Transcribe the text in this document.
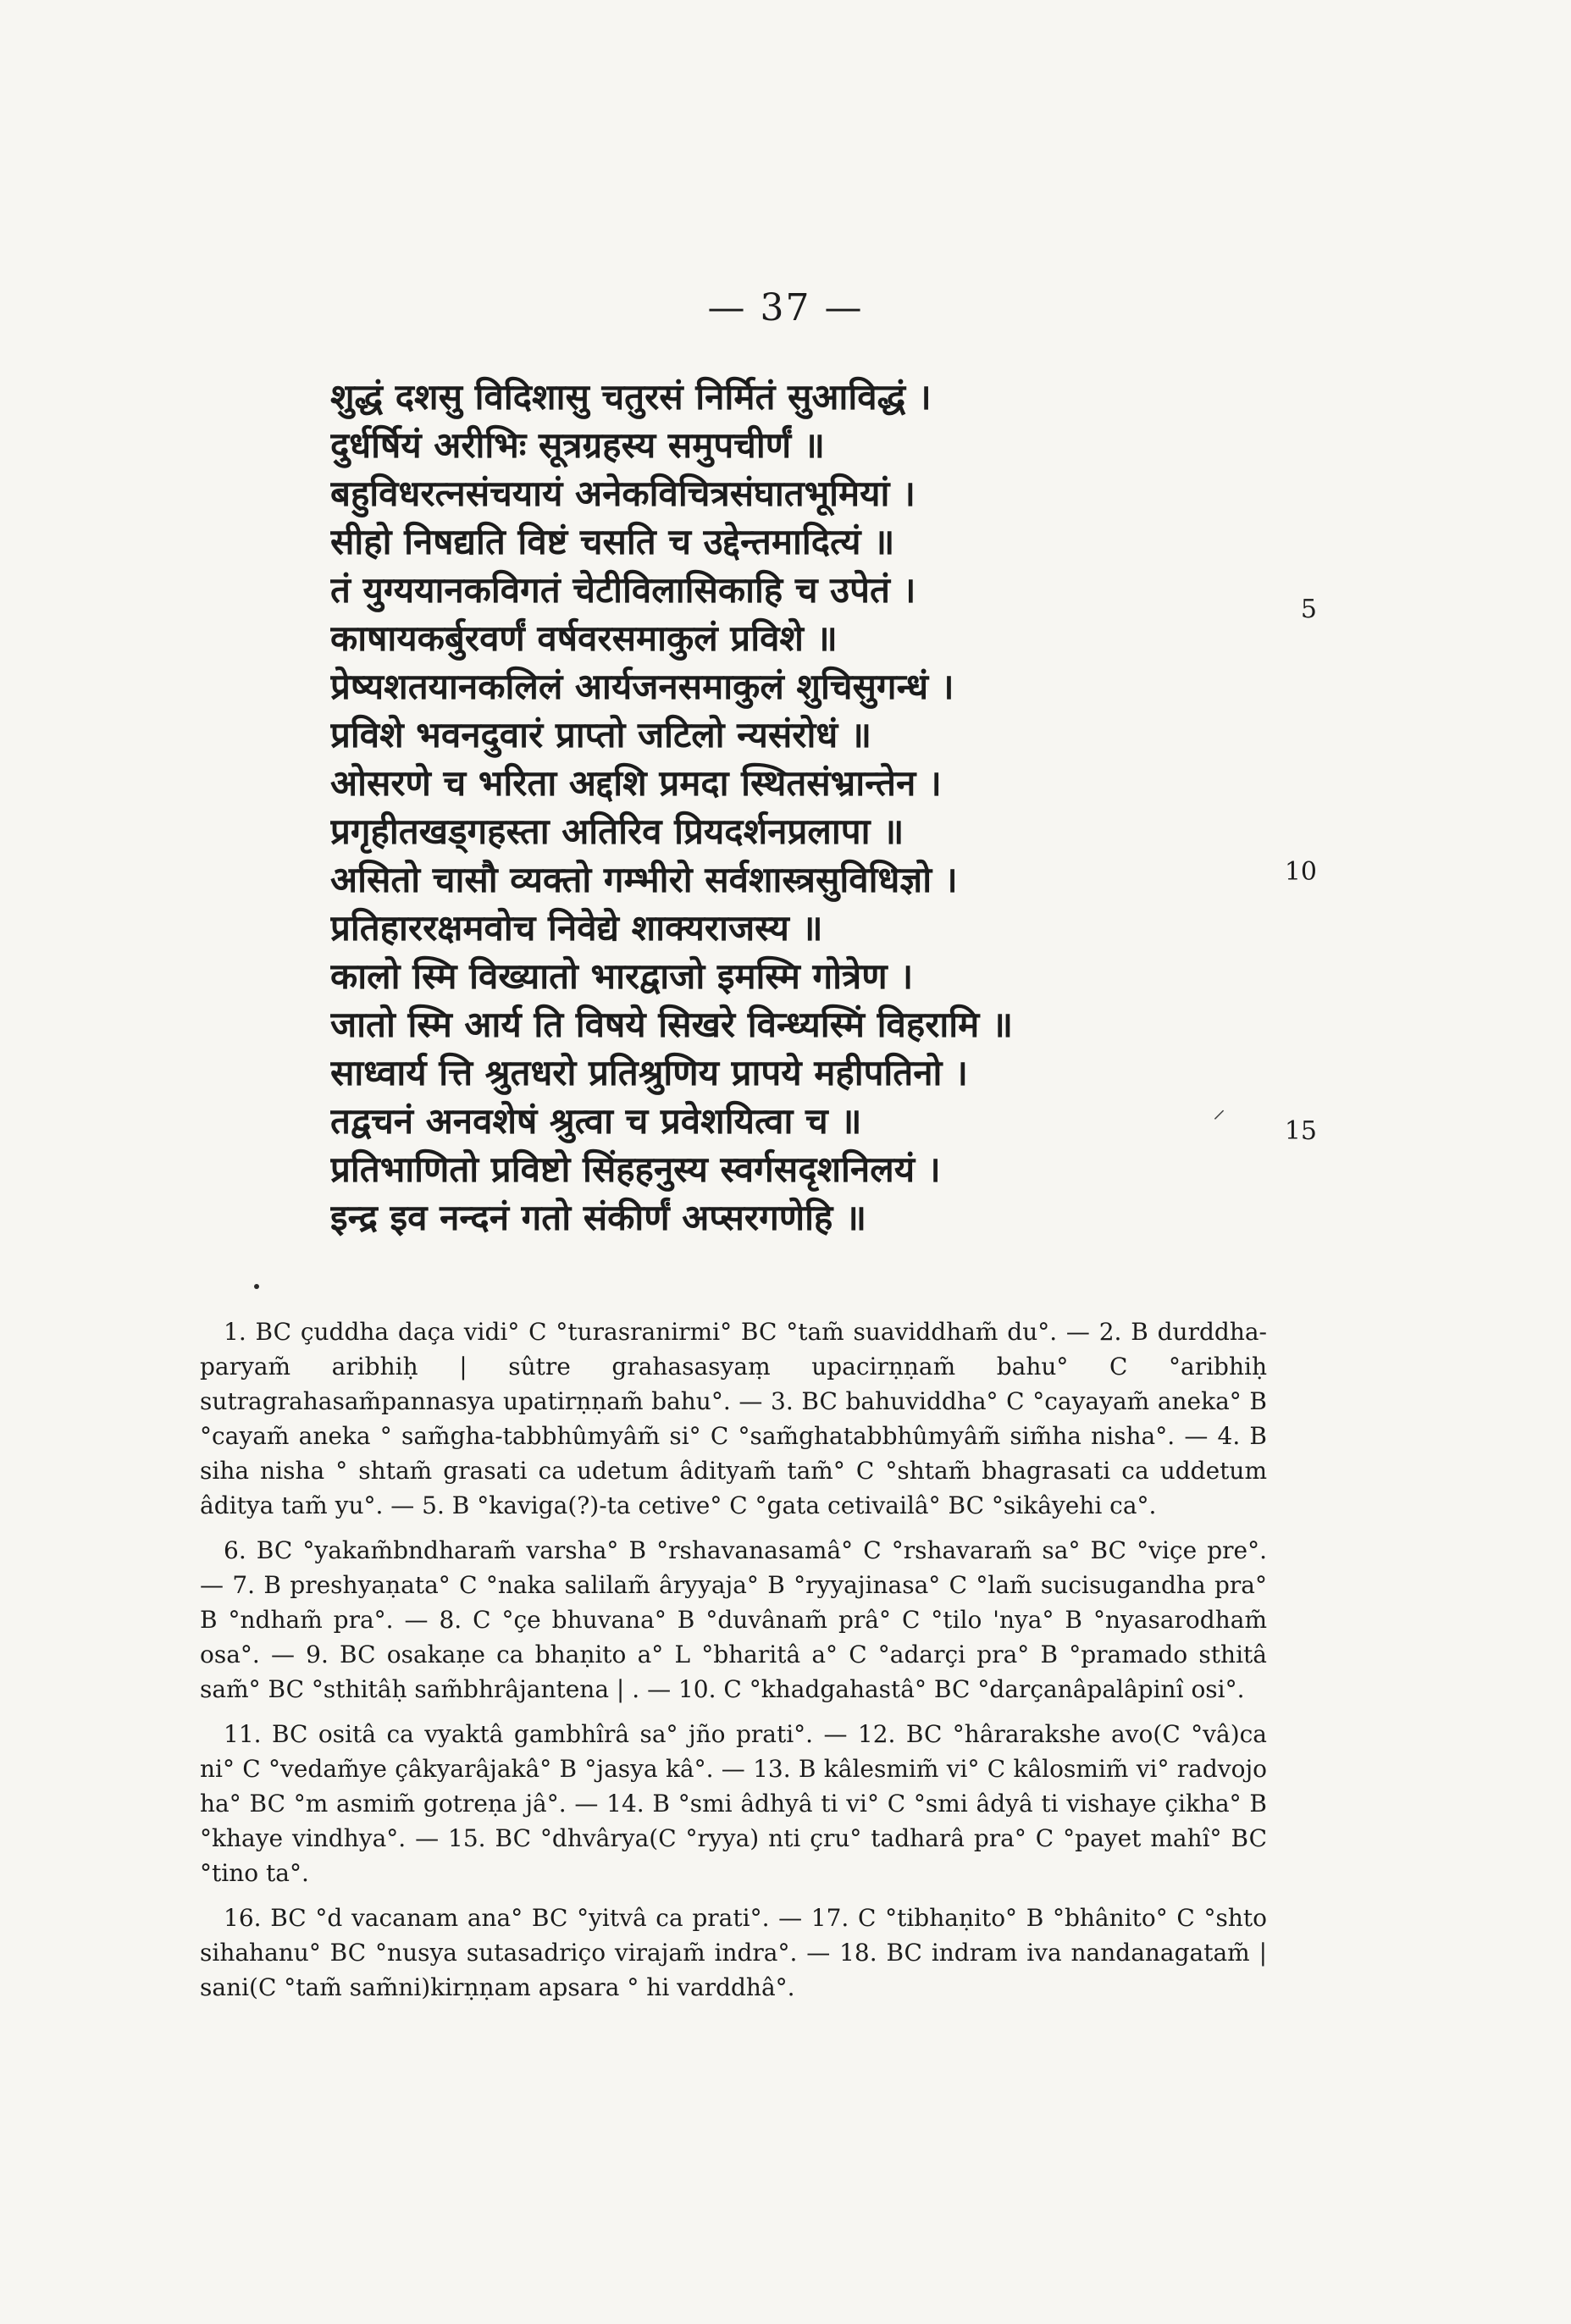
— 37 —
शुद्धं दशसु विदिशासु चतुरसं निर्मितं सुआविद्धं ।
दुर्धर्षियं अरीभिः सूत्रग्रहस्य समुपचीर्णं ॥
बहुविधरत्नसंचयायं अनेकविचित्रसंघातभूमियां ।
सीहो निषद्यति विष्टं चसति च उद्देन्तमादित्यं ॥
तं युग्ययानकविगतं चेटीविलासिकाहि च उपेतं ।
काषायकर्बुरवर्णं वर्षवरसमाकुलं प्रविशे ॥
प्रेष्यशतयानकलिलं आर्यजनसमाकुलं शुचिसुगन्धं ।
प्रविशे भवनदुवारं प्राप्तो जटिलो न्यसंरोधं ॥
ओसरणे च भरिता अद्दशि प्रमदा स्थितसंभ्रान्तेन ।
प्रगृहीतखड्गहस्ता अतिरिव प्रियदर्शनप्रलापा ॥
असितो चासौ व्यक्तो गम्भीरो सर्वशास्त्रसुविधिज्ञो ।
प्रतिहाररक्षमवोच निवेद्ये शाक्यराजस्य ॥
कालो स्मि विख्यातो भारद्वाजो इमस्मि गोत्रेण ।
जातो स्मि आर्य ति विषये सिखरे विन्ध्यस्मिं विहरामि ॥
साध्वार्य त्ति श्रुतधरो प्रतिश्रुणिय प्रापये महीपतिनो ।
तद्वचनं अनवशेषं श्रुत्वा च प्रवेशयित्वा च ॥
प्रतिभाणितो प्रविष्टो सिंहहनुस्य स्वर्गसदृशनिलयं ।
इन्द्र इव नन्दनं गतो संकीर्णं अप्सरगणेहि ॥
5
10
15
⸍

1. BC çuddha daça vidi° C °turasranirmi° BC °tam̃ suaviddham̃ du°. — 2. B durddha-paryam̃ aribhiḥ | sûtre grahasasyaṃ upacirṇṇam̃ bahu° C °aribhiḥ sutragrahasam̃pannasya upatirṇṇam̃ bahu°. — 3. BC bahuviddha° C °cayayam̃ aneka° B °cayam̃ aneka ° sam̃gha-tabbhûmyâm̃ si° C °sam̃ghatabbhûmyâm̃ sim̃ha nisha°. — 4. B siha nisha ° shtam̃ grasati ca udetum âdityam̃ tam̃° C °shtam̃ bhagrasati ca uddetum âditya tam̃ yu°. — 5. B °kaviga(?)-ta cetive° C °gata cetivailâ° BC °sikâyehi ca°.

6. BC °yakam̃bndharam̃ varsha° B °rshavanasamâ° C °rshavaram̃ sa° BC °viçe pre°. — 7. B preshyaṇata° C °naka salilam̃ âryyaja° B °ryyajinasa° C °lam̃ sucisugandha pra° B °ndham̃ pra°. — 8. C °çe bhuvana° B °duvânam̃ prâ° C °tilo 'nya° B °nyasarodham̃ osa°. — 9. BC osakaṇe ca bhaṇito a° L °bharitâ a° C °adarçi pra° B °pramado sthitâ sam̃° BC °sthitâḥ sam̃bhrâjantena | . — 10. C °khadgahastâ° BC °darçanâpalâpinî osi°.

11. BC ositâ ca vyaktâ gambhîrâ sa° jño prati°. — 12. BC °hârarakshe avo(C °vâ)ca ni° C °vedam̃ye çâkyarâjakâ° B °jasya kâ°. — 13. B kâlesmim̃ vi° C kâlosmim̃ vi° radvojo ha° BC °m asmim̃ gotreṇa jâ°. — 14. B °smi âdhyâ ti vi° C °smi âdyâ ti vishaye çikha° B °khaye vindhya°. — 15. BC °dhvârya(C °ryya) nti çru° tadharâ pra° C °payet mahî° BC °tino ta°.

16. BC °d vacanam ana° BC °yitvâ ca prati°. — 17. C °tibhaṇito° B °bhânito° C °shto sihahanu° BC °nusya sutasadriço virajam̃ indra°. — 18. BC indram iva nandanagatam̃ | sani(C °tam̃ sam̃ni)kirṇṇam apsara ° hi varddhâ°.
